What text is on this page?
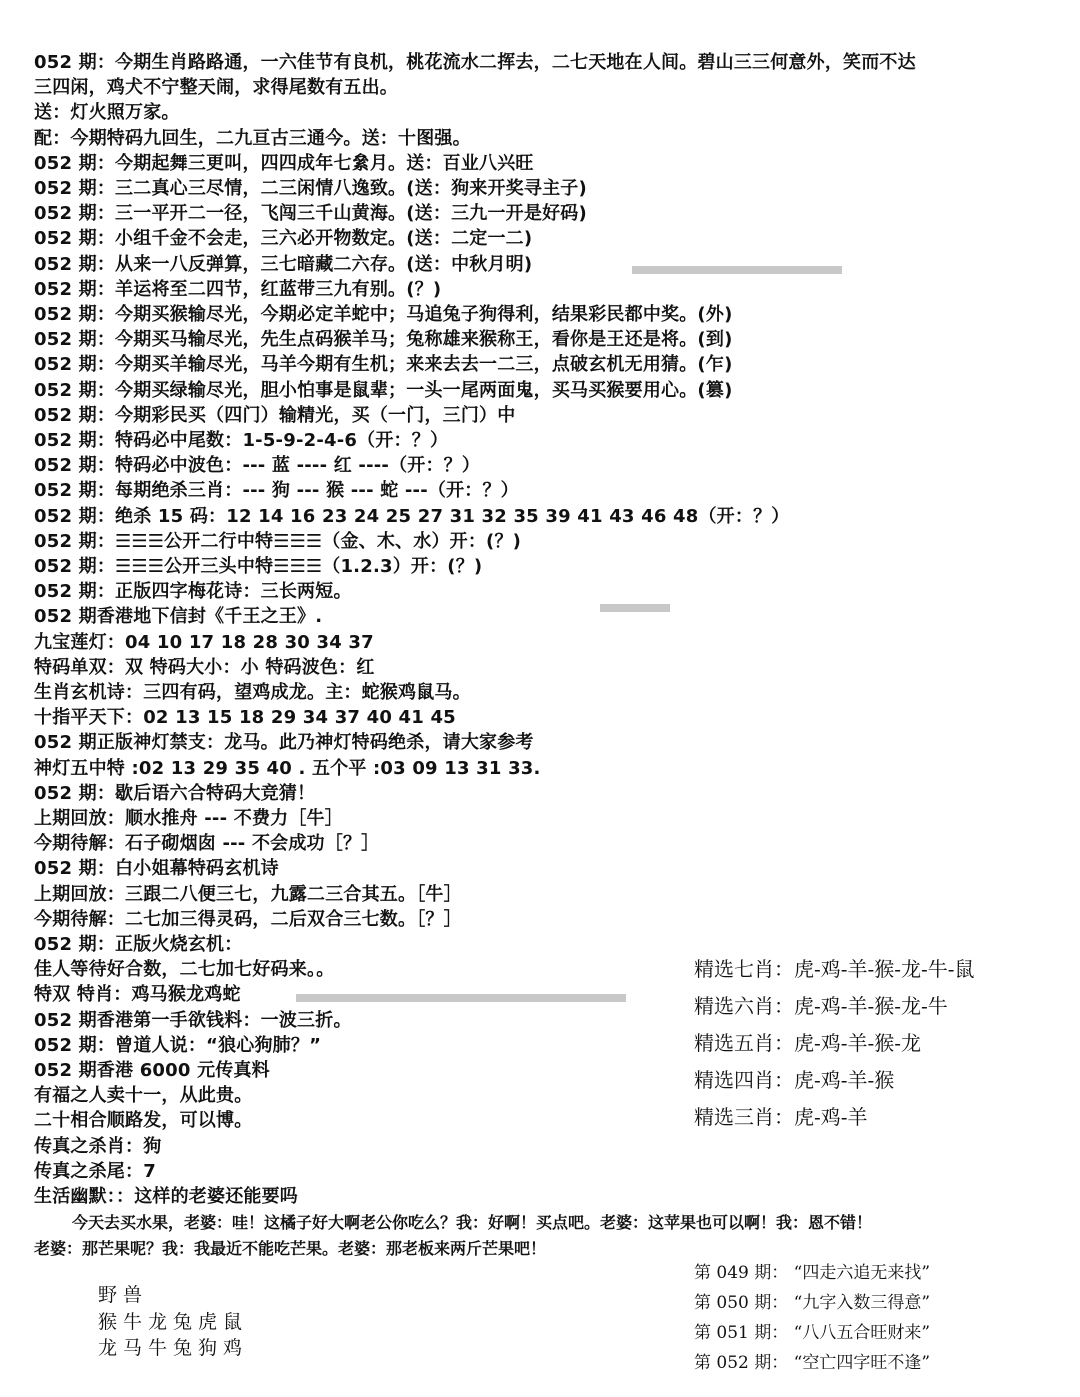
052 期：今期生肖路路通，一六佳节有良机，桃花流水二挥去，二七天地在人间。碧山三三何意外，笑而不达
三四闲，鸡犬不宁整天闹，求得尾数有五出。
送：灯火照万家。
配：今期特码九回生，二九亘古三通今。送：十图强。
052 期：今期起舞三更叫，四四成年七絫月。送：百业八兴旺
052 期：三二真心三尽情，二三闲情八逸致。(送：狗来开奖寻主子)
052 期：三一平开二一径，飞闯三千山黄海。(送：三九一开是好码)
052 期：小组千金不会走，三六必开物数定。(送：二定一二)
052 期：从来一八反弹算，三七暗藏二六存。(送：中秋月明)
052 期：羊运将至二四节，红蓝带三九有别。(？)
052 期：今期买猴输尽光，今期必定羊蛇中；马追兔子狗得利，结果彩民都中奖。(外)
052 期：今期买马输尽光，先生点码猴羊马；兔称雄来猴称王，看你是王还是将。(到)
052 期：今期买羊输尽光，马羊今期有生机；来来去去一二三，点破玄机无用猜。(乍)
052 期：今期买绿输尽光，胆小怕事是鼠辈；一头一尾两面鬼，买马买猴要用心。(篡)
052 期：今期彩民买（四门）输精光，买（一门，三门）中
052 期：特码必中尾数：1-5-9-2-4-6（开：？）
052 期：特码必中波色：--- 蓝 ---- 红 ----（开：？）
052 期：每期绝杀三肖：--- 狗 --- 猴 --- 蛇 ---（开：？）
052 期：绝杀 15 码：12 14 16 23 24 25 27 31 32 35 39 41 43 46 48（开：？）
052 期：☰☰☰公开二行中特☰☰☰（金、木、水）开：(？)
052 期：☰☰☰公开三头中特☰☰☰（1.2.3）开：(？)
052 期：正版四字梅花诗：三长两短。
052 期香港地下信封《千王之王》.
九宝莲灯：04 10 17 18 28 30 34 37
特码单双：双 特码大小：小 特码波色：红
生肖玄机诗：三四有码，望鸡成龙。主：蛇猴鸡鼠马。
十指平天下：02 13 15 18 29 34 37 40 41 45
052 期正版神灯禁支：龙马。此乃神灯特码绝杀，请大家参考
神灯五中特 :02 13 29 35 40 . 五个平 :03 09 13 31 33.
052 期：歇后语六合特码大竞猜！
上期回放：顺水推舟 --- 不费力［牛］
今期待解：石子砌烟囱 --- 不会成功［？］
052 期：白小姐幕特码玄机诗
上期回放：三跟二八便三七，九露二三合其五。［牛］
今期待解：二七加三得灵码，二后双合三七数。［？］
052 期：正版火烧玄机：
佳人等待好合数，二七加七好码来。。
特双 特肖：鸡马猴龙鸡蛇
052 期香港第一手欲钱料：一波三折。
052 期：曾道人说：“狼心狗肺？”
052 期香港 6000 元传真料
有福之人卖十一，从此贵。
二十相合顺路发，可以博。
传真之杀肖：狗
传真之杀尾：7
生活幽默：：这样的老婆还能要吗
今天去买水果，老婆：哇！这橘子好大啊老公你吃么？我：好啊！买点吧。老婆：这苹果也可以啊！我：恩不错！
老婆：那芒果呢？我：我最近不能吃芒果。老婆：那老板来两斤芒果吧！
精选七肖：虎-鸡-羊-猴-龙-牛-鼠
精选六肖：虎-鸡-羊-猴-龙-牛
精选五肖：虎-鸡-羊-猴-龙
精选四肖：虎-鸡-羊-猴
精选三肖：虎-鸡-羊
第 049 期： “四走六追无来找”
第 050 期： “九字入数三得意”
第 051 期： “八八五合旺财来”
第 052 期： “空亡四字旺不逢”
野兽
猴牛龙兔虎鼠
龙马牛兔狗鸡
